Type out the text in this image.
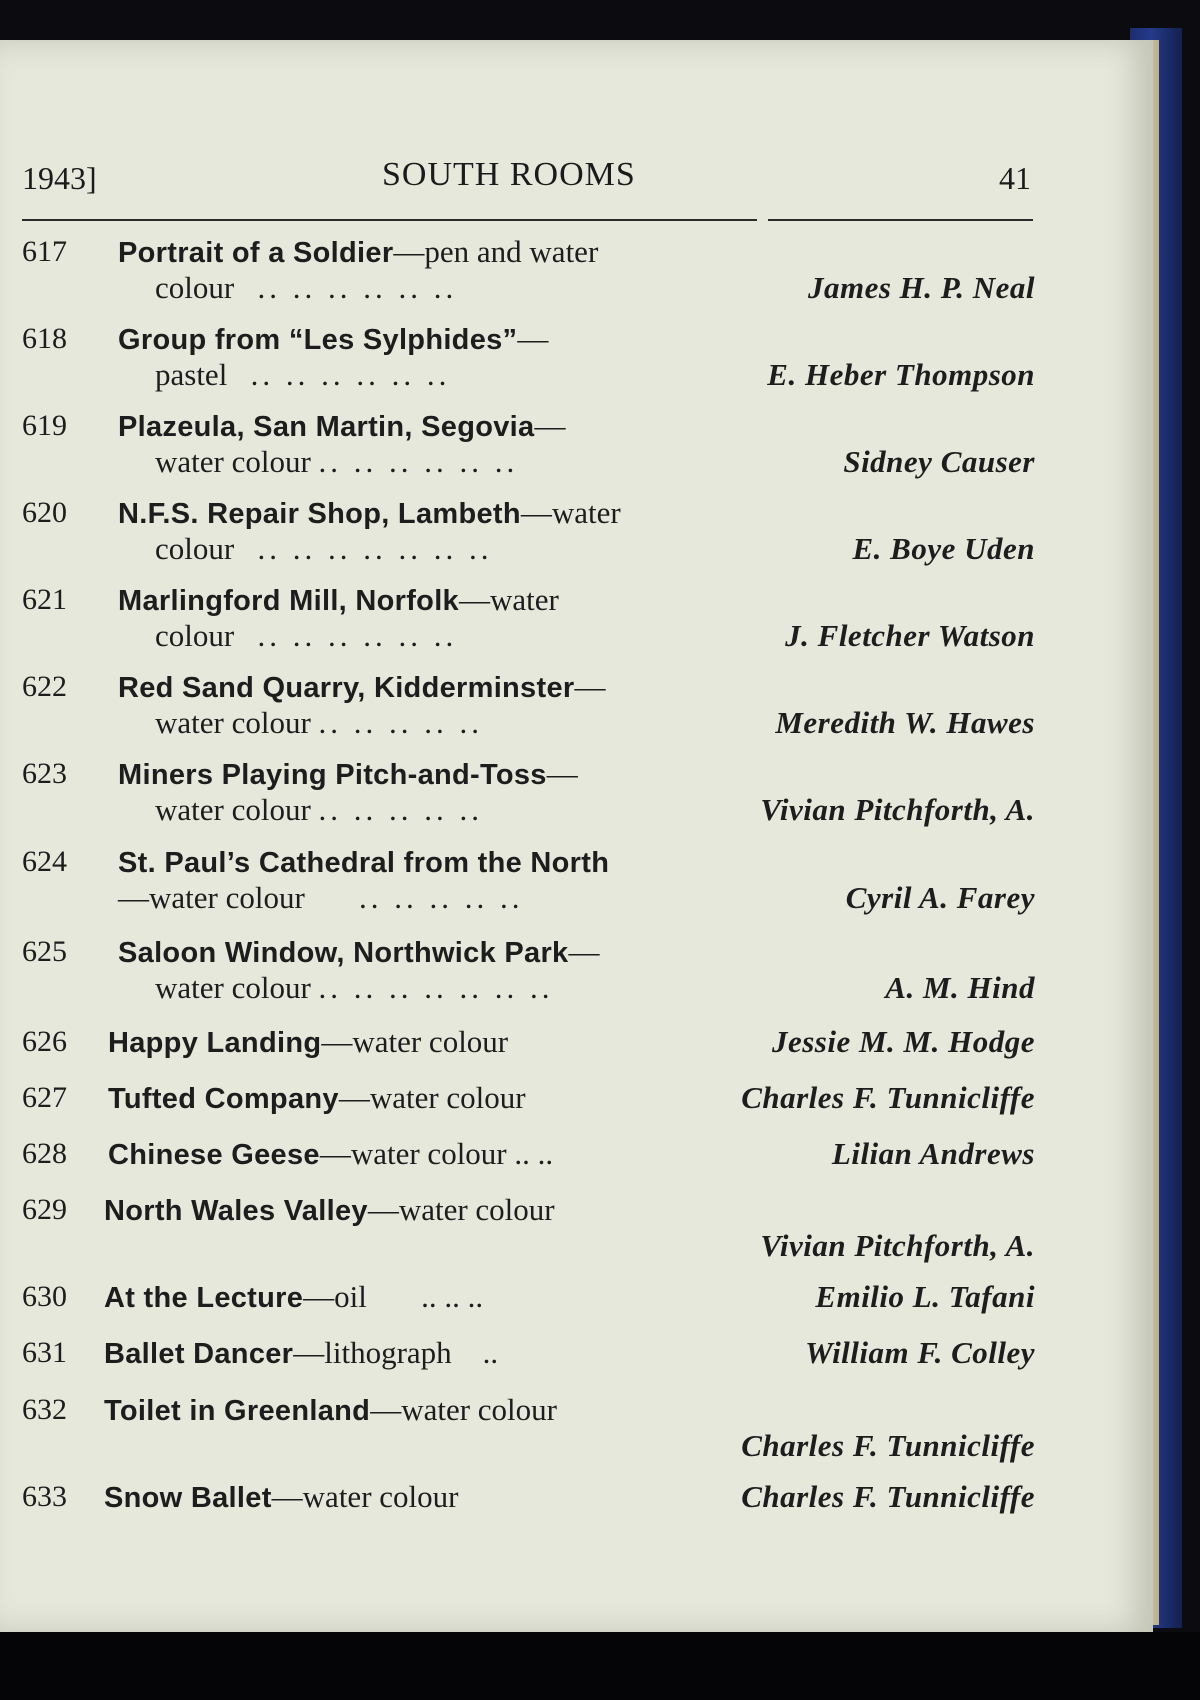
1943]	SOUTH ROOMS	41
617 Portrait of a Soldier—pen and water
colour .. .. .. .. .. ..	James H. P. Neal
618 Group from “Les Sylphides”—
pastel .. .. .. .. .. ..	E. Heber Thompson
619 Plazeula, San Martin, Segovia—
water colour .. .. .. .. .. ..	Sidney Causer
620 N.F.S. Repair Shop, Lambeth—water
colour .. .. .. .. .. .. ..	E. Boye Uden
621 Marlingford Mill, Norfolk—water
colour .. .. .. .. .. ..	J. Fletcher Watson
622 Red Sand Quarry, Kidderminster—
water colour .. .. .. .. ..	Meredith W. Hawes
623 Miners Playing Pitch-and-Toss—
water colour .. .. .. .. ..	Vivian Pitchforth, A.
624 St. Paul’s Cathedral from the North
—water colour .. .. .. .. ..	Cyril A. Farey
625 Saloon Window, Northwick Park—
water colour .. .. .. .. .. .. ..	A. M. Hind
626 Happy Landing—water colour	Jessie M. M. Hodge
627 Tufted Company—water colour	Charles F. Tunnicliffe
628 Chinese Geese—water colour .. ..	Lilian Andrews
629 North Wales Valley—water colour
Vivian Pitchforth, A.
630 At the Lecture—oil       .. .. ..	Emilio L. Tafani
631 Ballet Dancer—lithograph    ..	William F. Colley
632 Toilet in Greenland—water colour
Charles F. Tunnicliffe
633 Snow Ballet—water colour	Charles F. Tunnicliffe
